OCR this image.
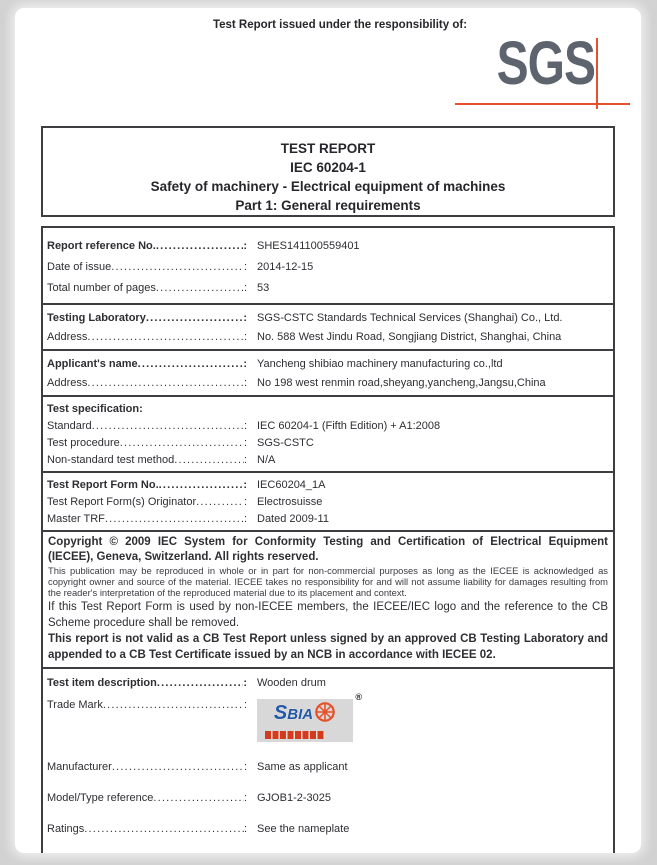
Test Report issued under the responsibility of:
SGS
TEST REPORT
IEC 60204-1
Safety of machinery - Electrical equipment of machines
Part 1: General requirements
Report reference No. ..... :	SHES141100559401
Date of issue ..... :	2014-12-15
Total number of pages ..... :	53
Testing Laboratory ..... :	SGS-CSTC Standards Technical Services (Shanghai) Co., Ltd.
Address ..... :	No. 588 West Jindu Road, Songjiang District, Shanghai, China
Applicant's name ..... :	Yancheng shibiao machinery manufacturing co.,ltd
Address ..... :	No 198 west renmin road,sheyang,yancheng,Jangsu,China
Test specification:
Standard ..... :	IEC 60204-1 (Fifth Edition) + A1:2008
Test procedure ..... :	SGS-CSTC
Non-standard test method ..... :	N/A
Test Report Form No. ..... :	IEC60204_1A
Test Report Form(s) Originator ..... :	Electrosuisse
Master TRF ..... :	Dated 2009-11

Copyright © 2009 IEC System for Conformity Testing and Certification of Electrical Equipment (IECEE), Geneva, Switzerland. All rights reserved.

This publication may be reproduced in whole or in part for non-commercial purposes as long as the IECEE is acknowledged as copyright owner and source of the material. IECEE takes no responsibility for and will not assume liability for damages resulting from the reader's interpretation of the reproduced material due to its placement and context.

If this Test Report Form is used by non-IECEE members, the IECEE/IEC logo and the reference to the CB Scheme procedure shall be removed.

This report is not valid as a CB Test Report unless signed by an approved CB Testing Laboratory and appended to a CB Test Certificate issued by an NCB in accordance with IECEE 02.

Test item description ..... :	Wooden drum
Trade Mark ..... :	SBIA
®
Manufacturer ..... :	Same as applicant
Model/Type reference ..... :	GJOB1-2-3025
Ratings ..... :	See the nameplate
